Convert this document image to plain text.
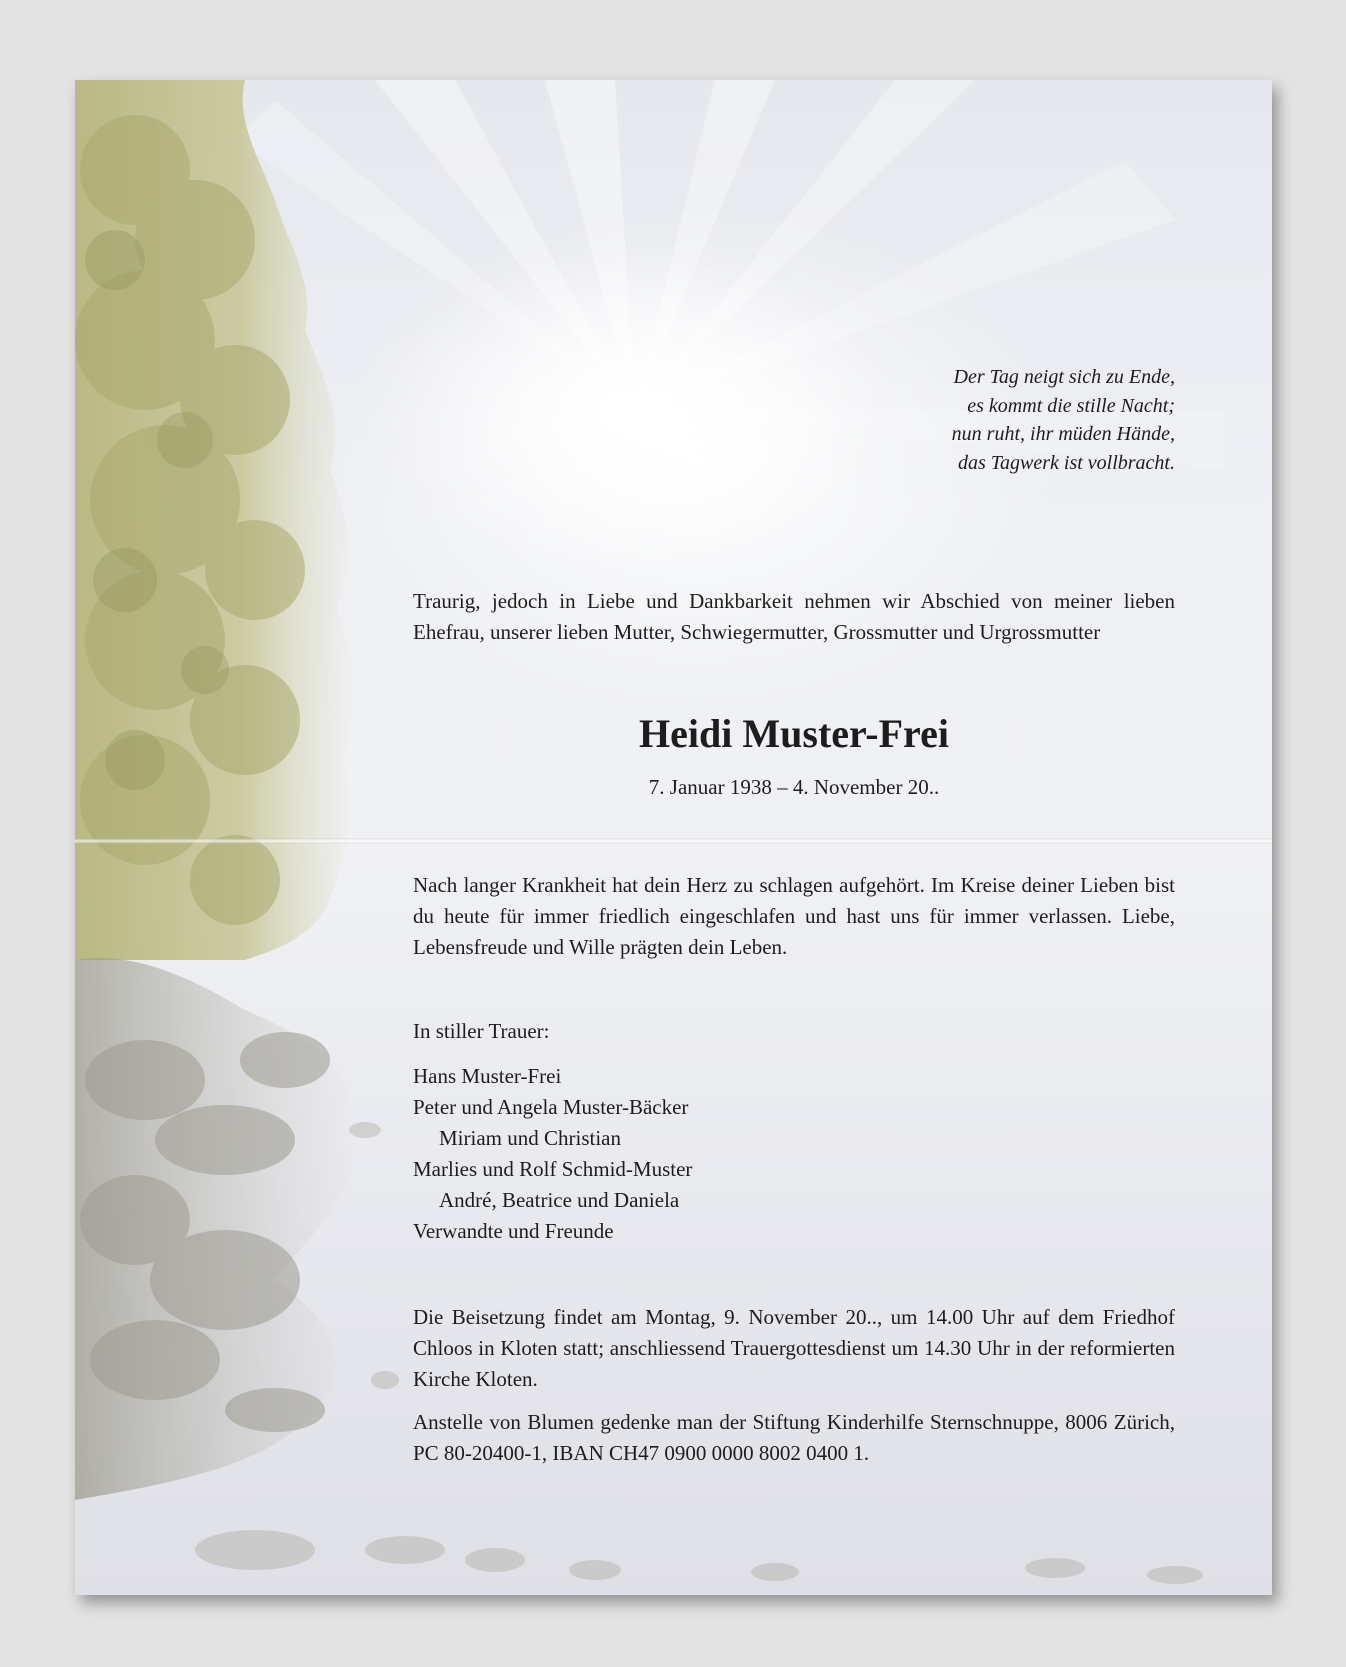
Der Tag neigt sich zu Ende,
es kommt die stille Nacht;
nun ruht, ihr müden Hände,
das Tagwerk ist vollbracht.
Traurig, jedoch in Liebe und Dankbarkeit nehmen wir Abschied von meiner lieben Ehefrau, unserer lieben Mutter, Schwiegermutter, Grossmutter und Urgrossmutter
Heidi Muster-Frei
7. Januar 1938 – 4. November 20..
Nach langer Krankheit hat dein Herz zu schlagen aufgehört. Im Kreise deiner Lieben bist du heute für immer friedlich eingeschlafen und hast uns für immer verlassen. Liebe, Lebensfreude und Wille prägten dein Leben.
In stiller Trauer:
Hans Muster-Frei
Peter und Angela Muster-Bäcker
Miriam und Christian
Marlies und Rolf Schmid-Muster
André, Beatrice und Daniela
Verwandte und Freunde
Die Beisetzung findet am Montag, 9. November 20.., um 14.00 Uhr auf dem Friedhof Chloos in Kloten statt; anschliessend Trauergottesdienst um 14.30 Uhr in der reformierten Kirche Kloten.
Anstelle von Blumen gedenke man der Stiftung Kinderhilfe Sternschnuppe, 8006 Zürich, PC 80-20400-1, IBAN CH47 0900 0000 8002 0400 1.
